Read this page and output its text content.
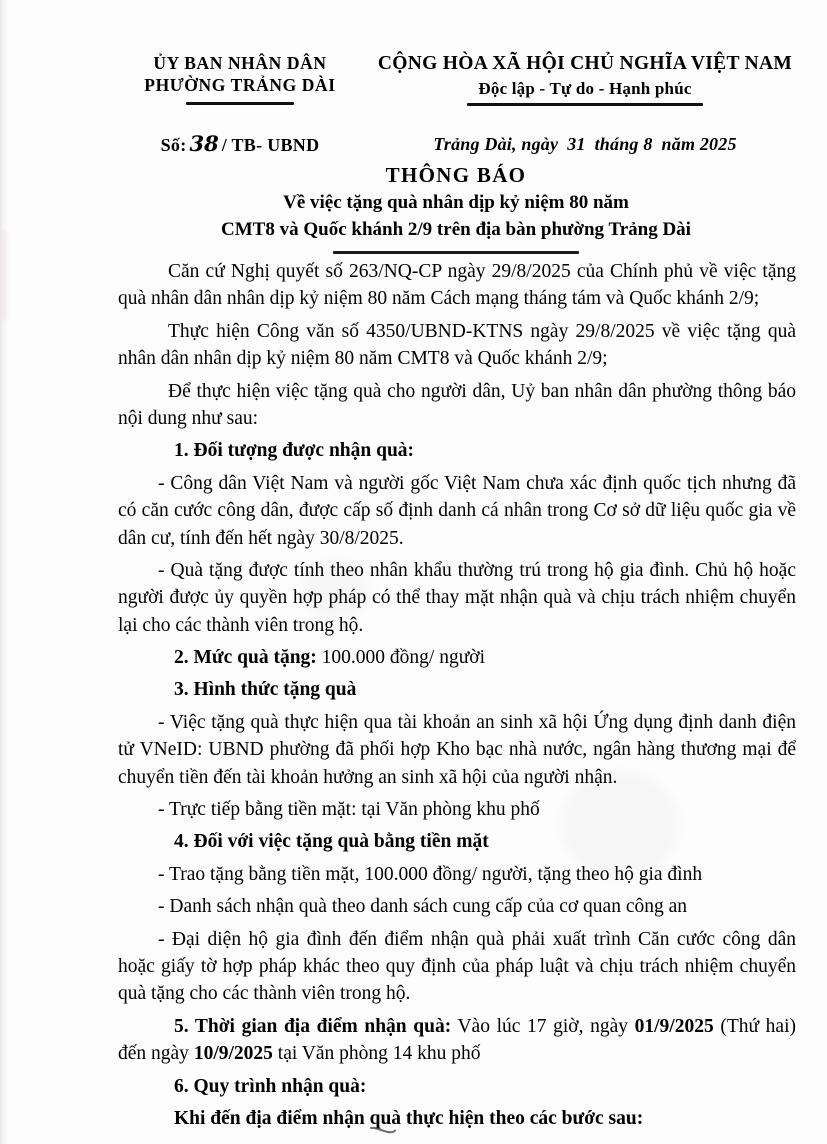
ỦY BAN NHÂN DÂN
PHƯỜNG TRẢNG DÀI
Số: 38 / TB- UBND
CỘNG HÒA XÃ HỘI CHỦ NGHĨA VIỆT NAM
Độc lập - Tự do - Hạnh phúc
Trảng Dài, ngày 31 tháng 8 năm 2025
THÔNG BÁO
Về việc tặng quà nhân dịp kỷ niệm 80 năm
CMT8 và Quốc khánh 2/9 trên địa bàn phường Trảng Dài

Căn cứ Nghị quyết số 263/NQ-CP ngày 29/8/2025 của Chính phủ về việc tặng quà nhân dân nhân dịp kỷ niệm 80 năm Cách mạng tháng tám và Quốc khánh 2/9;

Thực hiện Công văn số 4350/UBND-KTNS ngày 29/8/2025 về việc tặng quà nhân dân nhân dịp kỷ niệm 80 năm CMT8 và Quốc khánh 2/9;

Để thực hiện việc tặng quà cho người dân, Uỷ ban nhân dân phường thông báo nội dung như sau:

1. Đối tượng được nhận quà:

- Công dân Việt Nam và người gốc Việt Nam chưa xác định quốc tịch nhưng đã có căn cước công dân, được cấp số định danh cá nhân trong Cơ sở dữ liệu quốc gia về dân cư, tính đến hết ngày 30/8/2025.

- Quà tặng được tính theo nhân khẩu thường trú trong hộ gia đình. Chủ hộ hoặc người được ủy quyền hợp pháp có thể thay mặt nhận quà và chịu trách nhiệm chuyển lại cho các thành viên trong hộ.

2. Mức quà tặng: 100.000 đồng/ người

3. Hình thức tặng quà

- Việc tặng quà thực hiện qua tài khoản an sinh xã hội Ứng dụng định danh điện tử VNeID: UBND phường đã phối hợp Kho bạc nhà nước, ngân hàng thương mại để chuyển tiền đến tài khoản hưởng an sinh xã hội của người nhận.

- Trực tiếp bằng tiền mặt: tại Văn phòng khu phố

4. Đối với việc tặng quà bằng tiền mặt

- Trao tặng bằng tiền mặt, 100.000 đồng/ người, tặng theo hộ gia đình

- Danh sách nhận quà theo danh sách cung cấp của cơ quan công an

- Đại diện hộ gia đình đến điểm nhận quà phải xuất trình Căn cước công dân hoặc giấy tờ hợp pháp khác theo quy định của pháp luật và chịu trách nhiệm chuyển quà tặng cho các thành viên trong hộ.

5. Thời gian địa điểm nhận quà: Vào lúc 17 giờ, ngày 01/9/2025 (Thứ hai) đến ngày 10/9/2025 tại Văn phòng 14 khu phố

6. Quy trình nhận quà:

Khi đến địa điểm nhận quà thực hiện theo các bước sau:
